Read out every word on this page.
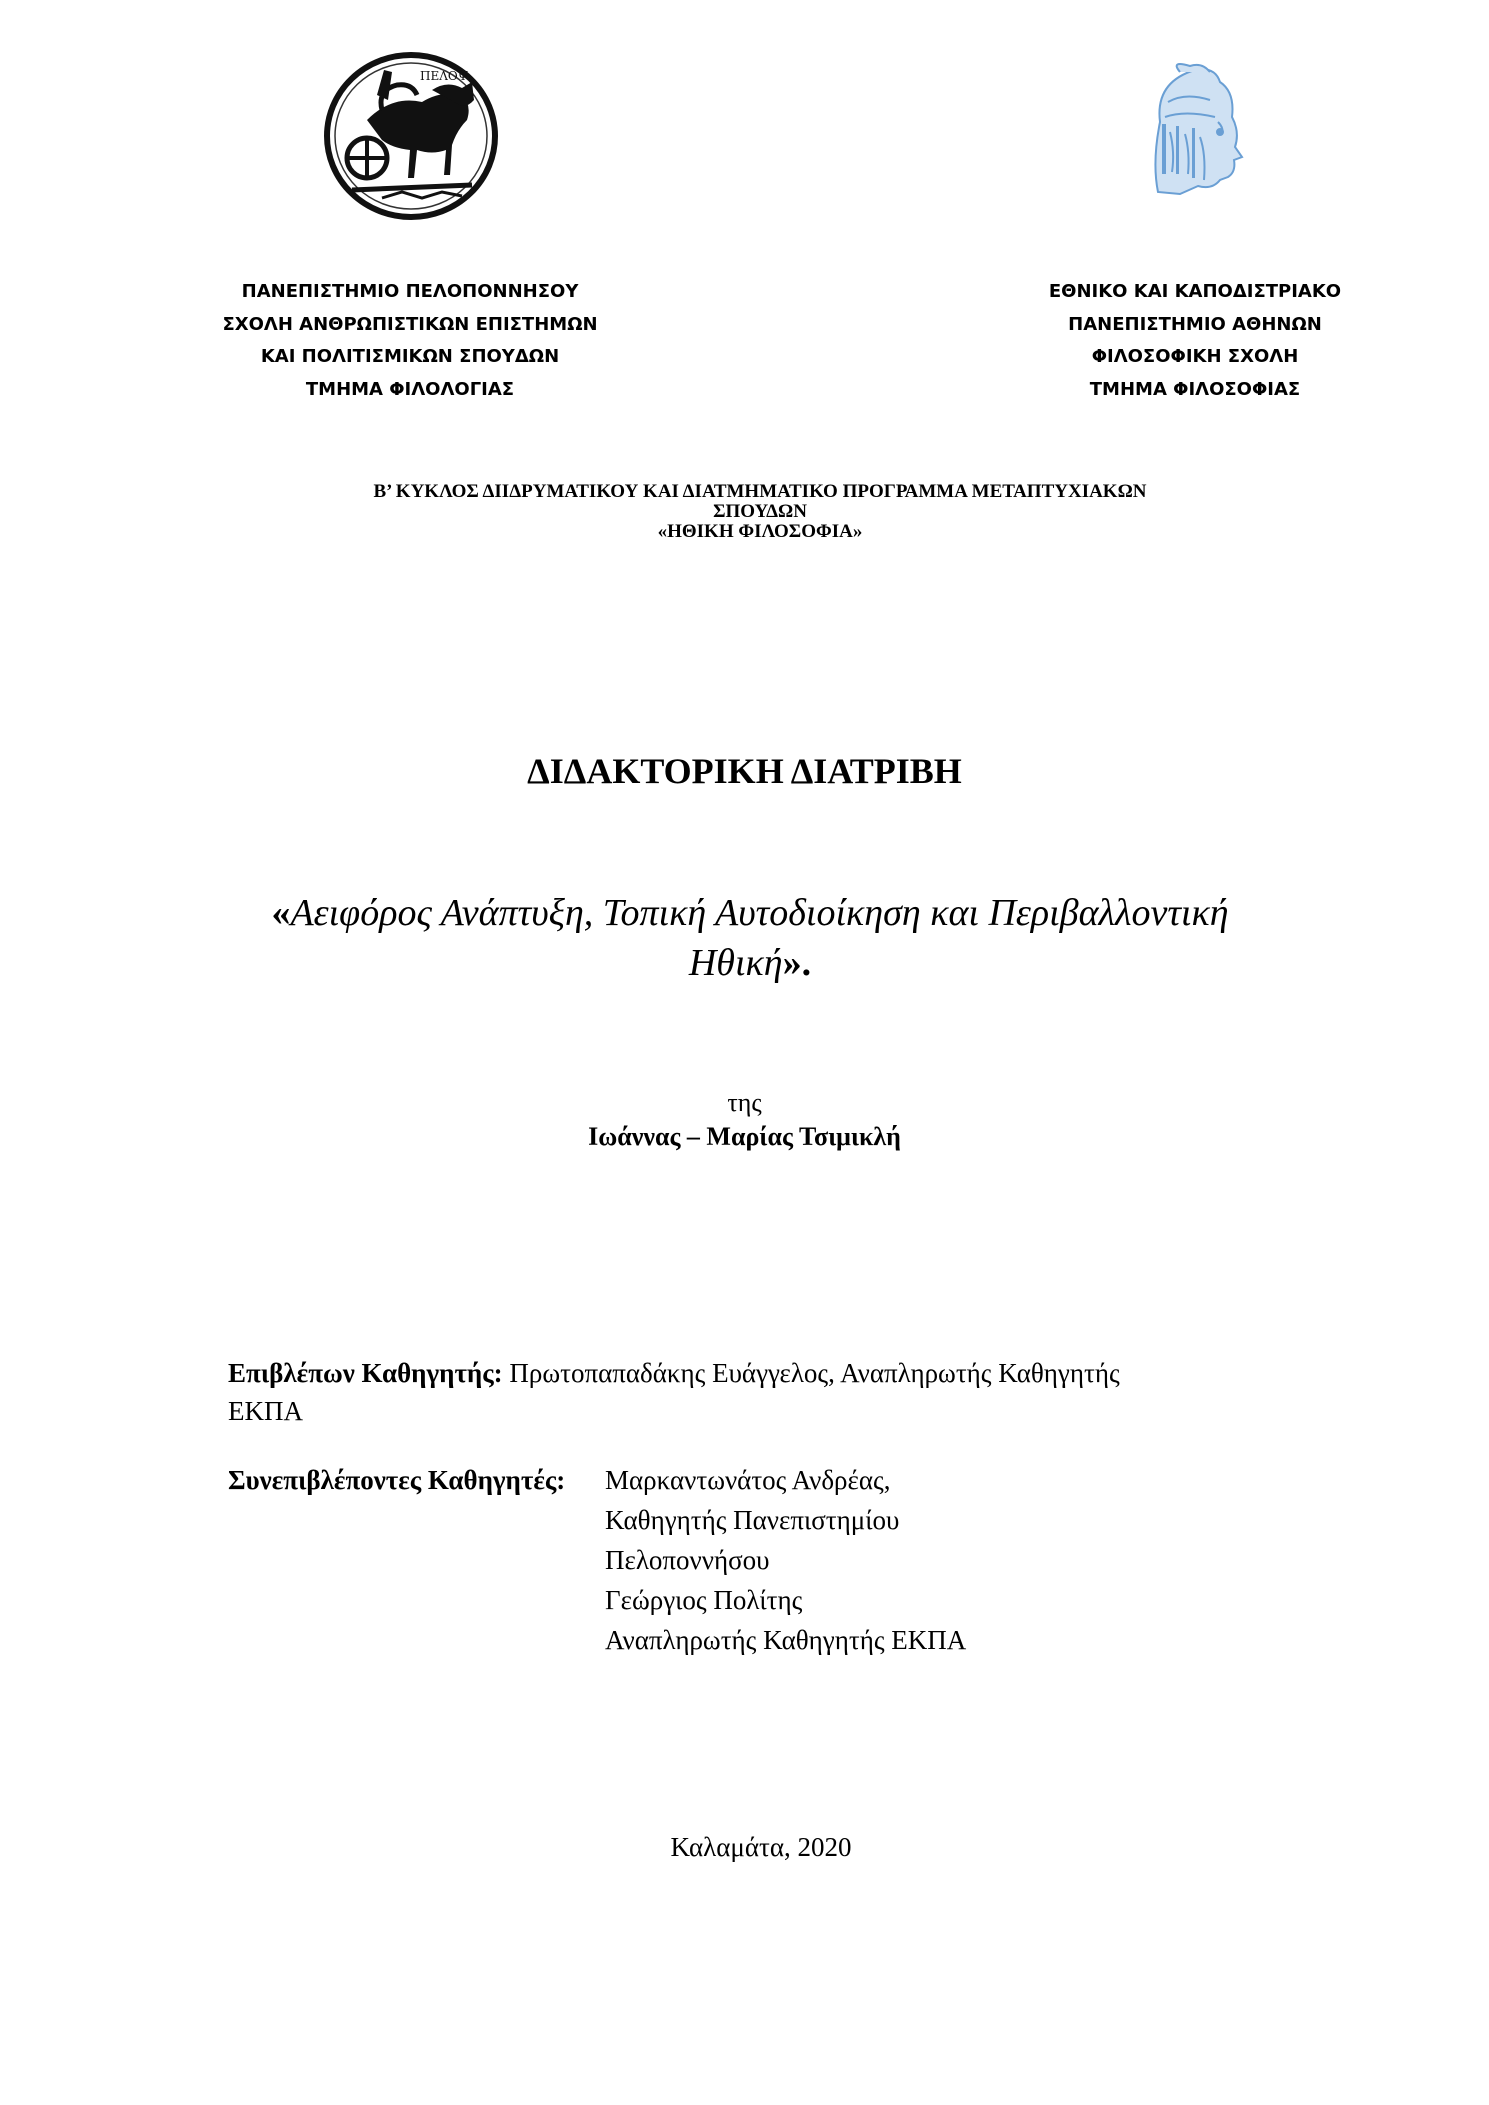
ΠΕΛΟΨ
ΠΑΝΕΠΙΣΤΗΜΙΟ ΠΕΛΟΠΟΝΝΗΣΟΥ
ΣΧΟΛΗ ΑΝΘΡΩΠΙΣΤΙΚΩΝ ΕΠΙΣΤΗΜΩΝ
ΚΑΙ ΠΟΛΙΤΙΣΜΙΚΩΝ ΣΠΟΥΔΩΝ
ΤΜΗΜΑ ΦΙΛΟΛΟΓΙΑΣ
ΕΘΝΙΚΟ ΚΑΙ ΚΑΠΟΔΙΣΤΡΙΑΚΟ
ΠΑΝΕΠΙΣΤΗΜΙΟ ΑΘΗΝΩΝ
ΦΙΛΟΣΟΦΙΚΗ ΣΧΟΛΗ
ΤΜΗΜΑ ΦΙΛΟΣΟΦΙΑΣ
Β’ ΚΥΚΛΟΣ ΔΙΙΔΡΥΜΑΤΙΚΟΥ ΚΑΙ ΔΙΑΤΜΗΜΑΤΙΚΟ ΠΡΟΓΡΑΜΜΑ ΜΕΤΑΠΤΥΧΙΑΚΩΝ
ΣΠΟΥΔΩΝ
«ΗΘΙΚΗ ΦΙΛΟΣΟΦΙΑ»
ΔΙΔΑΚΤΟΡΙΚΗ ΔΙΑΤΡΙΒΗ
«Αειφόρος Ανάπτυξη, Τοπική Αυτοδιοίκηση και Περιβαλλοντική
Ηθική».
της
Ιωάννας – Μαρίας Τσιμικλή
Επιβλέπων Καθηγητής: Πρωτοπαπαδάκης Ευάγγελος, Αναπληρωτής Καθηγητής
ΕΚΠΑ
Συνεπιβλέποντες Καθηγητές: Μαρκαντωνάτος Ανδρέας,
Καθηγητής Πανεπιστημίου
Πελοποννήσου
Γεώργιος Πολίτης
Αναπληρωτής Καθηγητής ΕΚΠΑ
Καλαμάτα, 2020
